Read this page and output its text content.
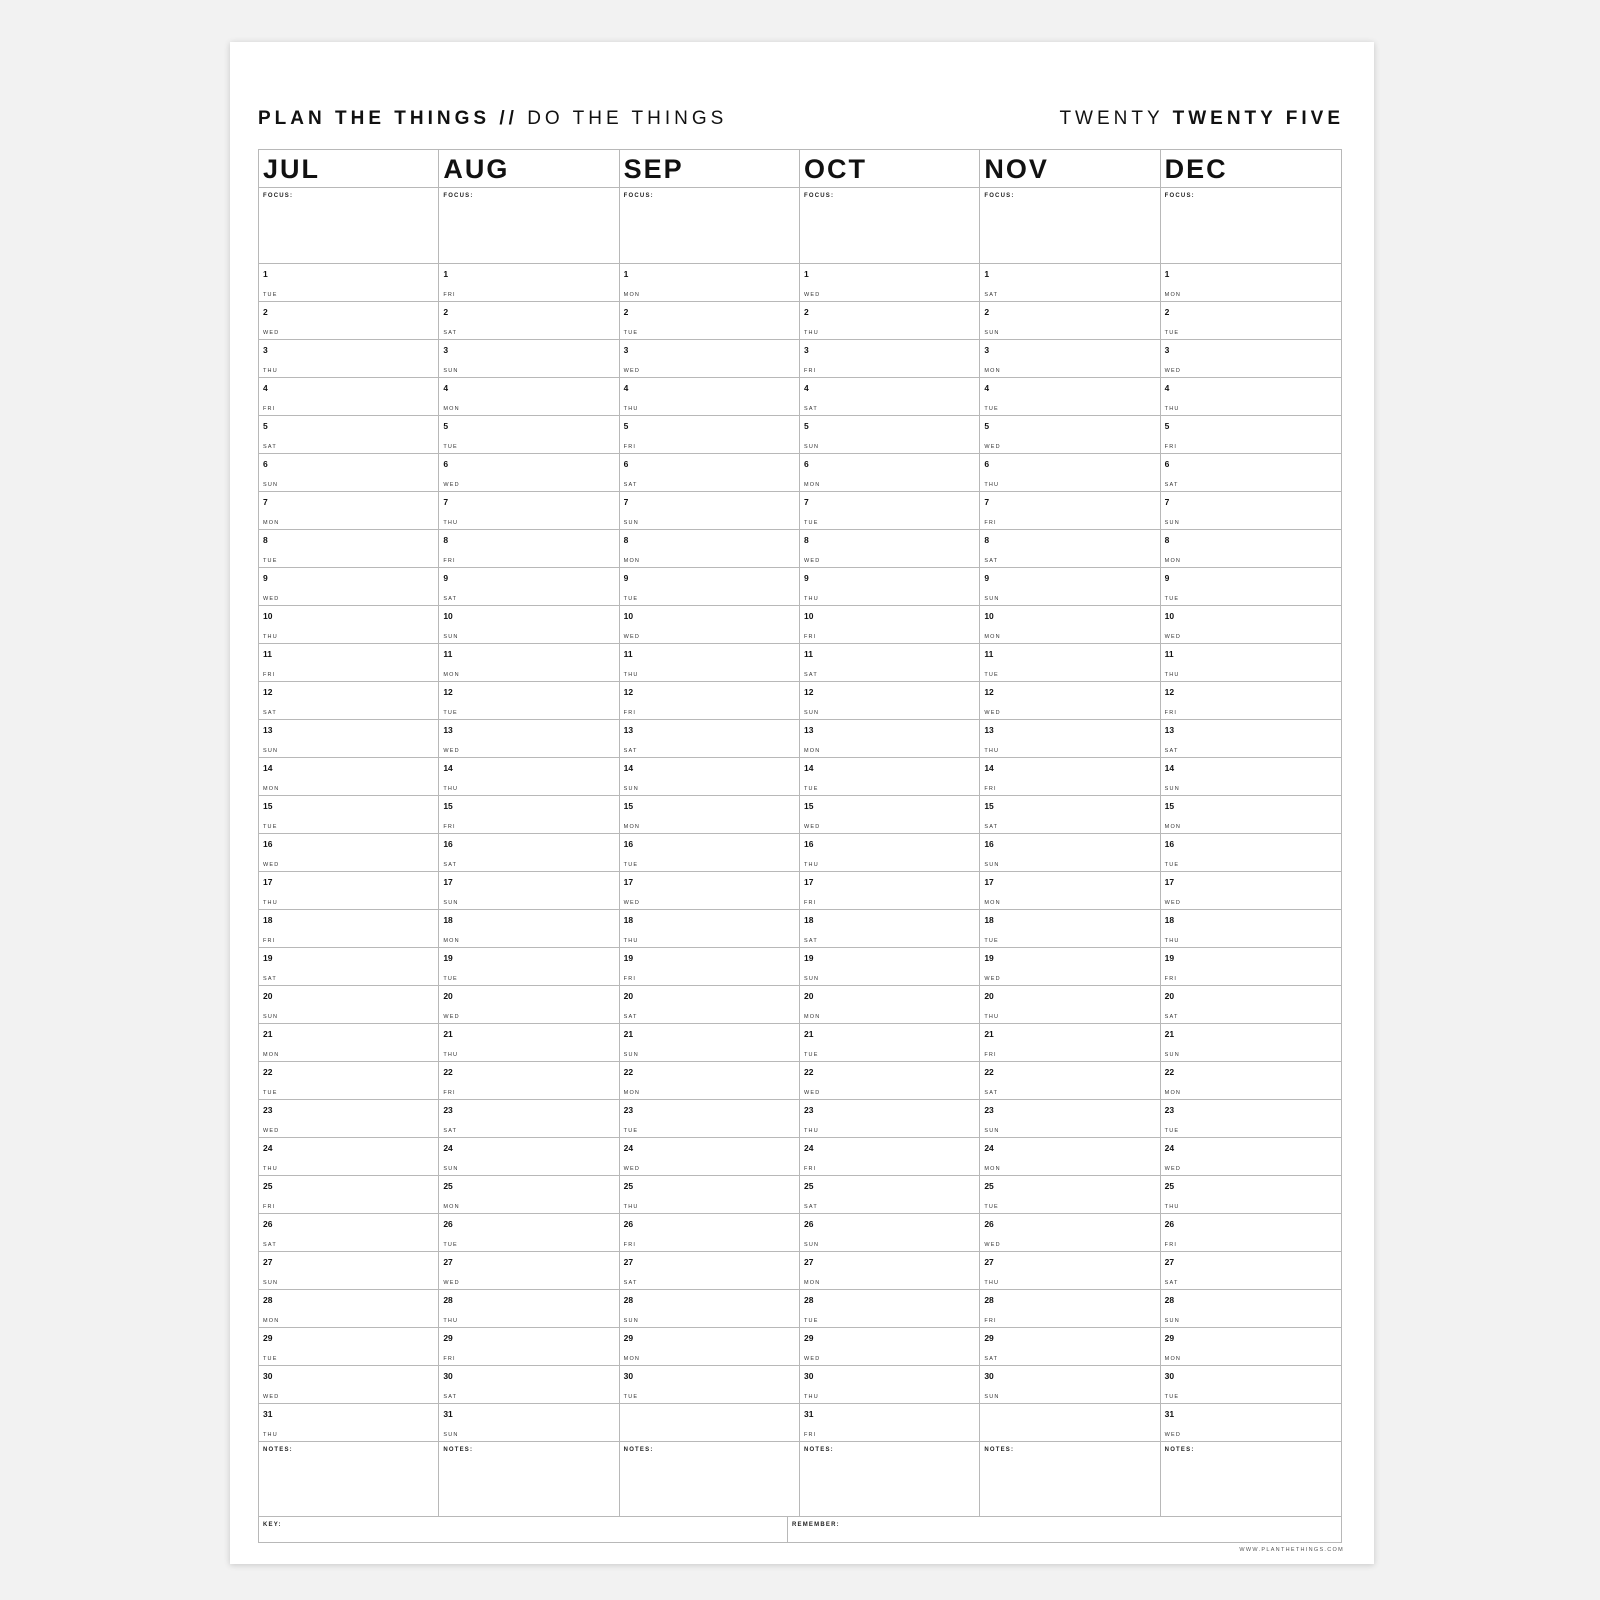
PLAN THE THINGS // DO THE THINGS	TWENTY TWENTY FIVE
DEC
FOCUS:
1
MON
2
TUE
3
WED
4
THU
5
FRI
6
SAT
7
SUN
8
MON
9
TUE
10
WED
11
THU
12
FRI
13
SAT
14
SUN
15
MON
16
TUE
17
WED
18
THU
19
FRI
20
SAT
21
SUN
22
MON
23
TUE
24
WED
25
THU
26
FRI
27
SAT
28
SUN
29
MON
30
TUE
31
WED
NOTES:
NOV
FOCUS:
1
SAT
2
SUN
3
MON
4
TUE
5
WED
6
THU
7
FRI
8
SAT
9
SUN
10
MON
11
TUE
12
WED
13
THU
14
FRI
15
SAT
16
SUN
17
MON
18
TUE
19
WED
20
THU
21
FRI
22
SAT
23
SUN
24
MON
25
TUE
26
WED
27
THU
28
FRI
29
SAT
30
SUN
NOTES:
OCT
FOCUS:
1
WED
2
THU
3
FRI
4
SAT
5
SUN
6
MON
7
TUE
8
WED
9
THU
10
FRI
11
SAT
12
SUN
13
MON
14
TUE
15
WED
16
THU
17
FRI
18
SAT
19
SUN
20
MON
21
TUE
22
WED
23
THU
24
FRI
25
SAT
26
SUN
27
MON
28
TUE
29
WED
30
THU
31
FRI
NOTES:
SEP
FOCUS:
1
MON
2
TUE
3
WED
4
THU
5
FRI
6
SAT
7
SUN
8
MON
9
TUE
10
WED
11
THU
12
FRI
13
SAT
14
SUN
15
MON
16
TUE
17
WED
18
THU
19
FRI
20
SAT
21
SUN
22
MON
23
TUE
24
WED
25
THU
26
FRI
27
SAT
28
SUN
29
MON
30
TUE
NOTES:
AUG
FOCUS:
1
FRI
2
SAT
3
SUN
4
MON
5
TUE
6
WED
7
THU
8
FRI
9
SAT
10
SUN
11
MON
12
TUE
13
WED
14
THU
15
FRI
16
SAT
17
SUN
18
MON
19
TUE
20
WED
21
THU
22
FRI
23
SAT
24
SUN
25
MON
26
TUE
27
WED
28
THU
29
FRI
30
SAT
31
SUN
NOTES:
JUL
FOCUS:
1
TUE
2
WED
3
THU
4
FRI
5
SAT
6
SUN
7
MON
8
TUE
9
WED
10
THU
11
FRI
12
SAT
13
SUN
14
MON
15
TUE
16
WED
17
THU
18
FRI
19
SAT
20
SUN
21
MON
22
TUE
23
WED
24
THU
25
FRI
26
SAT
27
SUN
28
MON
29
TUE
30
WED
31
THU
NOTES:
KEY:	REMEMBER:
WWW.PLANTHETHINGS.COM
